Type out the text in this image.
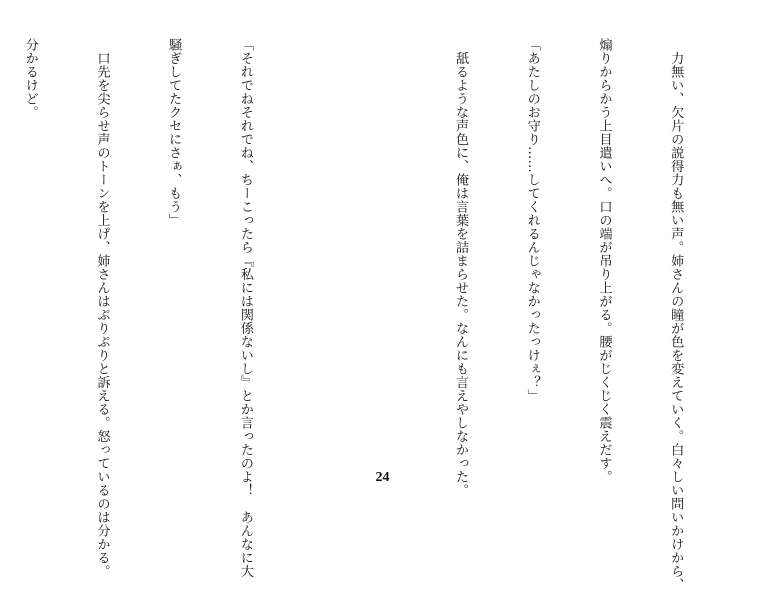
　力無い、欠片の説得力も無い声。姉さんの瞳が色を変えていく。白々しい問いかけから、

煽りからかう上目遣いへ。口の端が吊り上がる。腰がじくじく震えだす。

「あたしのお守り……してくれるんじゃなかったっけぇ？」

　舐るような声色に、俺は言葉を詰まらせた。なんにも言えやしなかった。

「それでねそれでね、ちーこったら『私には関係ないし』とか言ったのよ！　あんなに大

騒ぎしてたクセにさぁ、もう」

　口先を尖らせ声のトーンを上げ、姉さんはぷりぷりと訴える。怒っているのは分かる。

分かるけど。

24
